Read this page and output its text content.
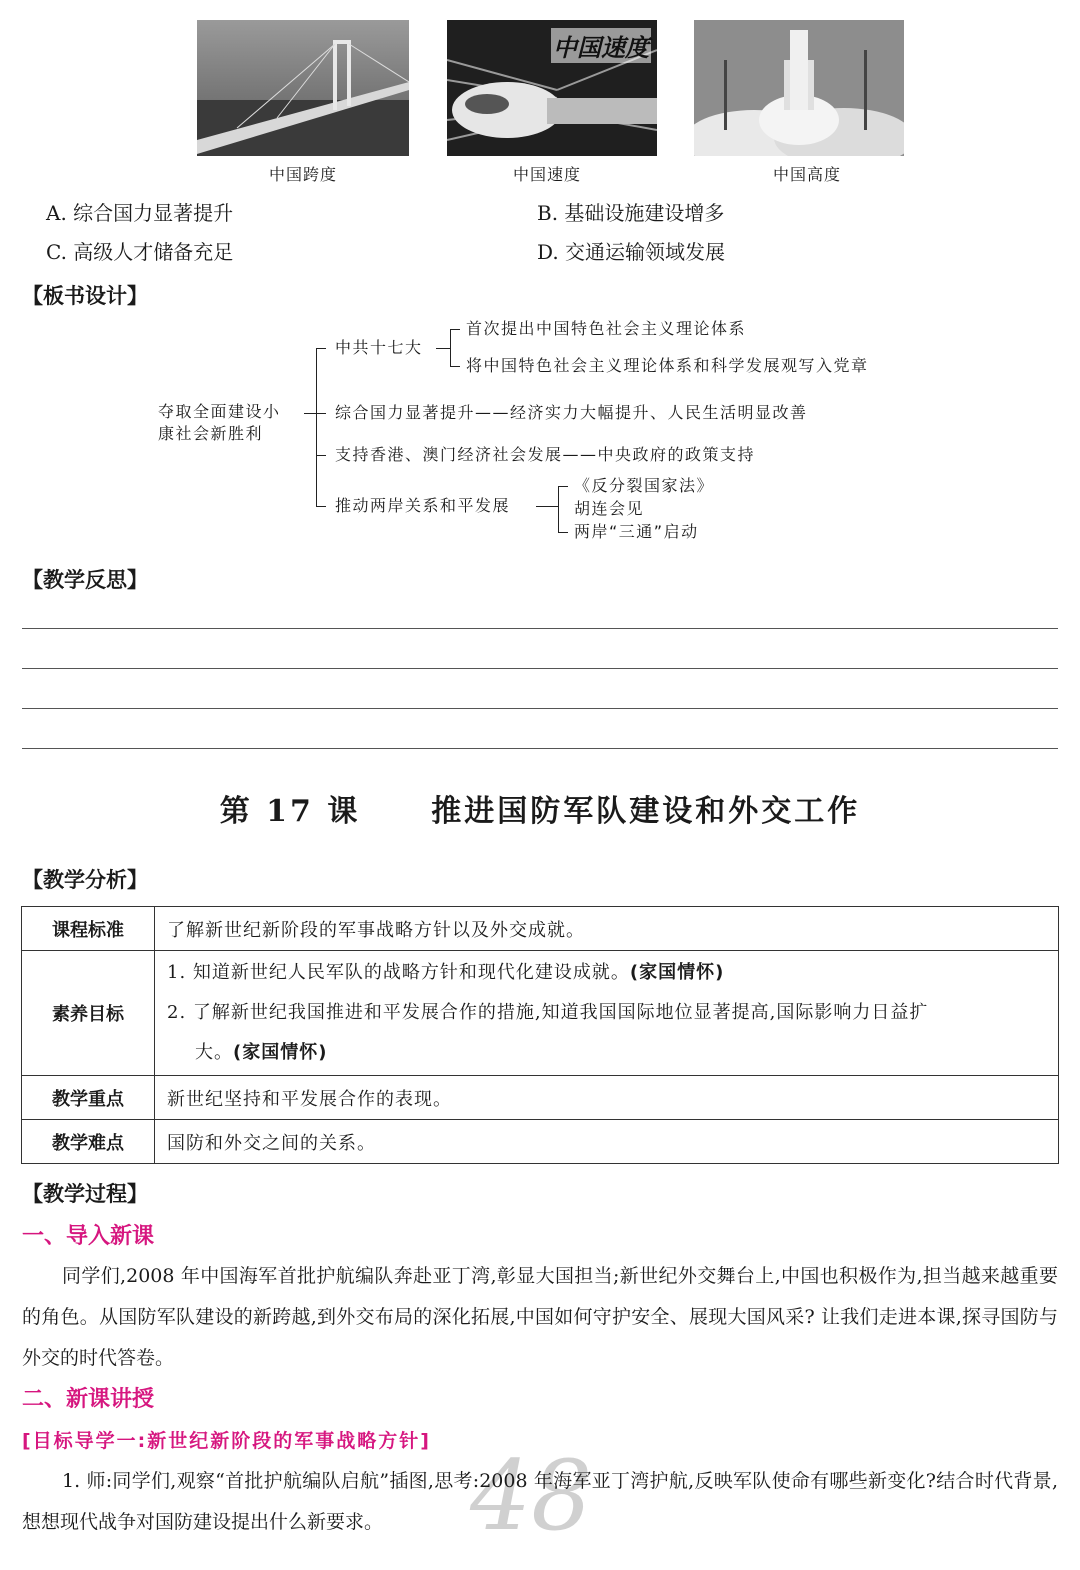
中国速度
中国跨度	中国速度	中国高度
A. 综合国力显著提升	B. 基础设施建设增多
C. 高级人才储备充足	D. 交通运输领域发展
【板书设计】
夺取全面建设小
康社会新胜利
中共十七大
首次提出中国特色社会主义理论体系
将中国特色社会主义理论体系和科学发展观写入党章
综合国力显著提升——经济实力大幅提升、人民生活明显改善
支持香港、澳门经济社会发展——中央政府的政策支持
推动两岸关系和平发展
《反分裂国家法》
胡连会见
两岸“三通”启动
【教学反思】
第 17 课 推进国防军队建设和外交工作
【教学分析】
课程标准	了解新世纪新阶段的军事战略方针以及外交成就。
素养目标	1. 知道新世纪人民军队的战略方针和现代化建设成就。(家国情怀)
2. 了解新世纪我国推进和平发展合作的措施,知道我国国际地位显著提高,国际影响力日益扩
大。(家国情怀)

教学重点	新世纪坚持和平发展合作的表现。
教学难点	国防和外交之间的关系。
【教学过程】
一、导入新课
同学们,2008 年中国海军首批护航编队奔赴亚丁湾,彰显大国担当;新世纪外交舞台上,中国也积极作为,担当越来越重要的角色。从国防军队建设的新跨越,到外交布局的深化拓展,中国如何守护安全、展现大国风采? 让我们走进本课,探寻国防与外交的时代答卷。
二、新课讲授
[目标导学一:新世纪新阶段的军事战略方针] 48
1. 师:同学们,观察“首批护航编队启航”插图,思考:2008 年海军亚丁湾护航,反映军队使命有哪些新变化?结合时代背景,想想现代战争对国防建设提出什么新要求。
